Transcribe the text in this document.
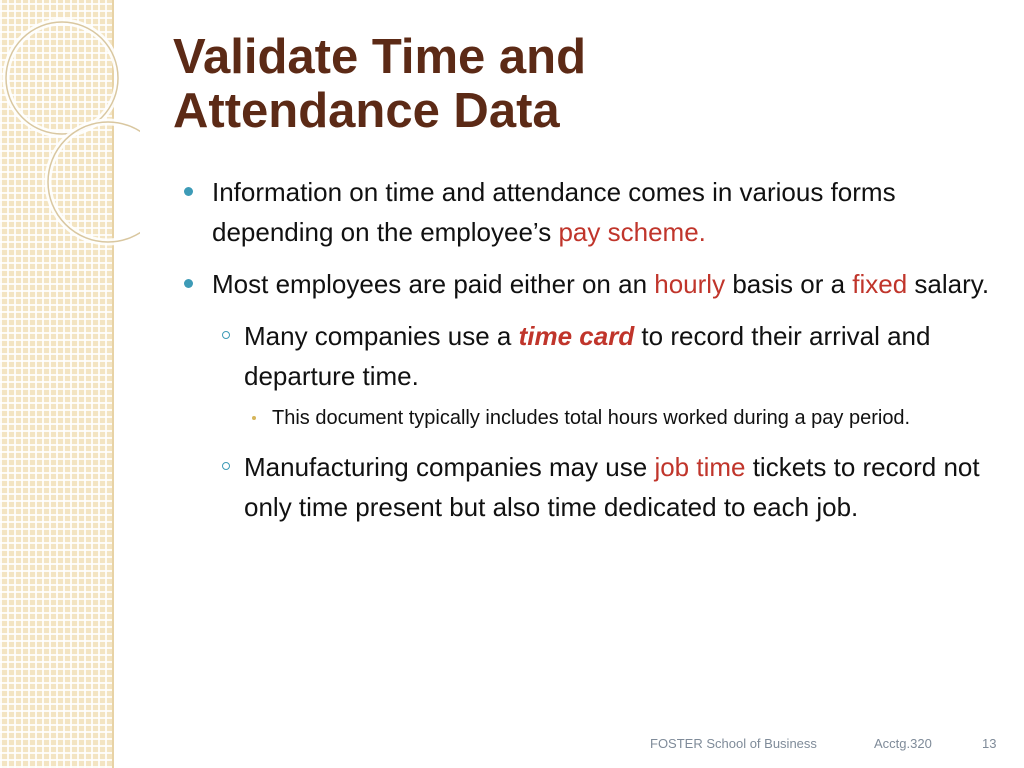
Validate Time and
Attendance Data
Information on time and attendance comes in various forms depending on the employee’s pay scheme.
Most employees are paid either on an hourly basis or a fixed salary.
Many companies use a time card to record their arrival and departure time.
This document typically includes total hours worked during a pay period.
Manufacturing companies may use job time tickets to record not only time present but also time dedicated to each job.
FOSTER School of Business	Acctg.320	13
